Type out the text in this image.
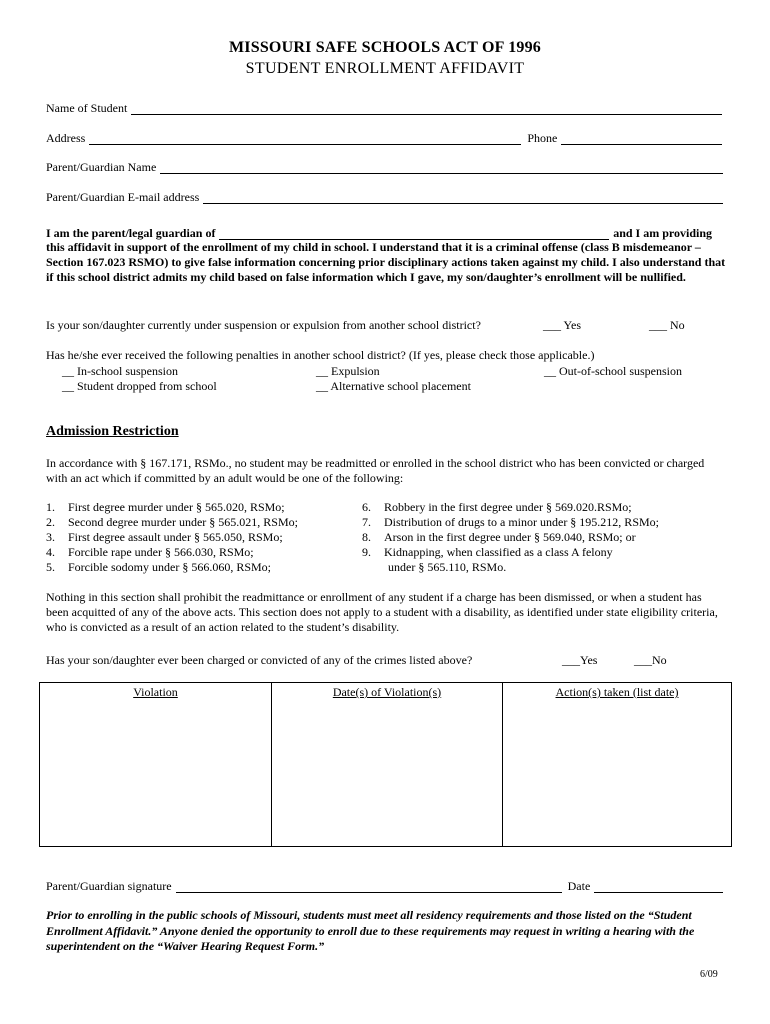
MISSOURI SAFE SCHOOLS ACT OF 1996
STUDENT ENROLLMENT AFFIDAVIT
Name of Student
Address	Phone
Parent/Guardian Name
Parent/Guardian E-mail address
I am the parent/legal guardian of	and I am providing
this affidavit in support of the enrollment of my child in school. I understand that it is a criminal offense (class B misdemeanor –Section 167.023 RSMO) to give false information concerning prior disciplinary actions taken against my child. I also understand that if this school district admits my child based on false information which I gave, my son/daughter’s enrollment will be nullified.
Is your son/daughter currently under suspension or expulsion from another school district?	___ Yes	___ No
Has he/she ever received the following penalties in another school district? (If yes, please check those applicable.)
__ In-school suspension	__ Expulsion	__ Out-of-school suspension
__ Student dropped from school	__ Alternative school placement
Admission Restriction
In accordance with § 167.171, RSMo., no student may be readmitted or enrolled in the school district who has been convicted or charged with an act which if committed by an adult would be one of the following:
1. First degree murder under § 565.020, RSMo;
2. Second degree murder under § 565.021, RSMo;
3. First degree assault under § 565.050, RSMo;
4. Forcible rape under § 566.030, RSMo;
5. Forcible sodomy under § 566.060, RSMo;
6. Robbery in the first degree under § 569.020.RSMo;
7. Distribution of drugs to a minor under § 195.212, RSMo;
8. Arson in the first degree under § 569.040, RSMo; or
9. Kidnapping, when classified as a class A felony
under § 565.110, RSMo.
Nothing in this section shall prohibit the readmittance or enrollment of any student if a charge has been dismissed, or when a student has been acquitted of any of the above acts. This section does not apply to a student with a disability, as identified under state eligibility criteria, who is convicted as a result of an action related to the student’s disability.
Has your son/daughter ever been charged or convicted of any of the crimes listed above?	___Yes	___No
Violation	Date(s) of Violation(s)	Action(s) taken (list date)
Parent/Guardian signature	Date
Prior to enrolling in the public schools of Missouri, students must meet all residency requirements and those listed on the “Student Enrollment Affidavit.” Anyone denied the opportunity to enroll due to these requirements may request in writing a hearing with the superintendent on the “Waiver Hearing Request Form.”
6/09
